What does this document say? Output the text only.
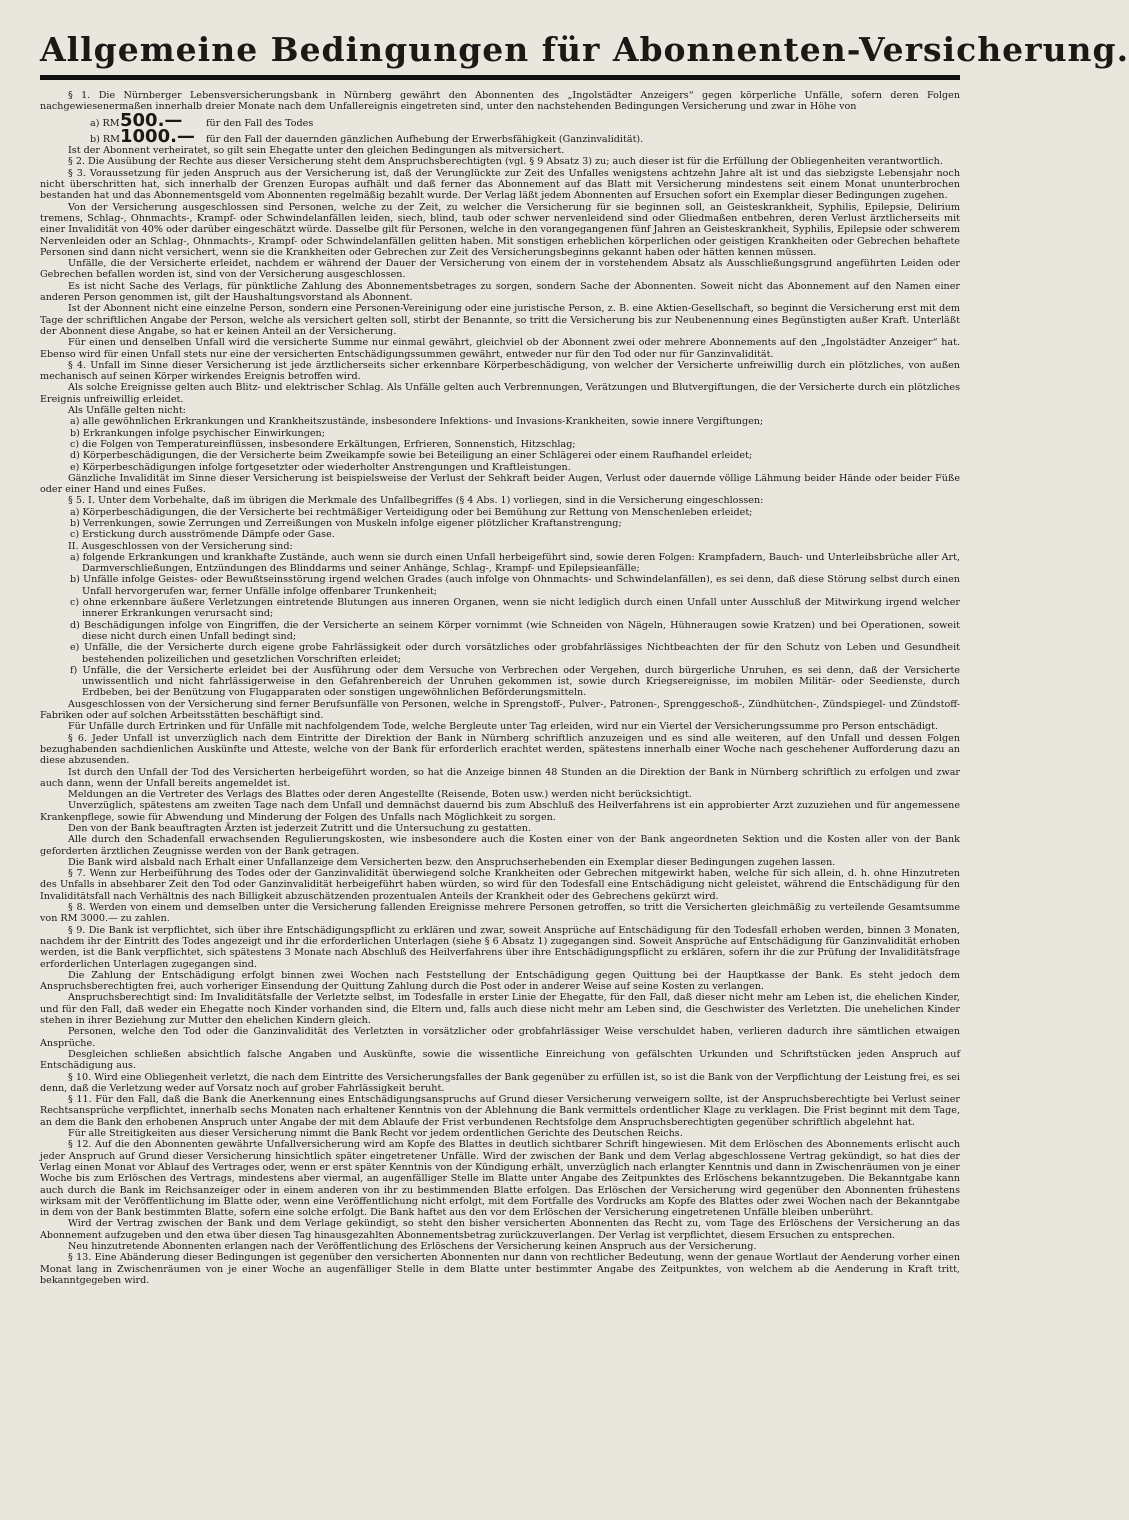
Allgemeine Bedingungen für Abonnenten-Versicherung.

§ 1. Die Nürnberger Lebensversicherungsbank in Nürnberg gewährt den Abonnenten des „Ingolstädter Anzeigers“ gegen körperliche Unfälle, sofern deren Folgen nachgewiesenermaßen innerhalb dreier Monate nach dem Unfallereignis eingetreten sind, unter den nachstehenden Bedingungen Versicherung und zwar in Höhe von

a) RM 500.—	für den Fall des Todes
b) RM 1000.—	für den Fall der dauernden gänzlichen Aufhebung der Erwerbsfähigkeit (Ganzinvalidität).

Ist der Abonnent verheiratet, so gilt sein Ehegatte unter den gleichen Bedingungen als mitversichert.

§ 2. Die Ausübung der Rechte aus dieser Versicherung steht dem Anspruchsberechtigten (vgl. § 9 Absatz 3) zu; auch dieser ist für die Erfüllung der Obliegenheiten verantwortlich.

§ 3. Voraussetzung für jeden Anspruch aus der Versicherung ist, daß der Verunglückte zur Zeit des Unfalles wenigstens achtzehn Jahre alt ist und das siebzigste Lebensjahr noch nicht überschritten hat, sich innerhalb der Grenzen Europas aufhält und daß ferner das Abonnement auf das Blatt mit Versicherung mindestens seit einem Monat ununterbrochen bestanden hat und das Abonnementsgeld vom Abonnenten regelmäßig bezahlt wurde. Der Verlag läßt jedem Abonnenten auf Ersuchen sofort ein Exemplar dieser Bedingungen zugehen.

Von der Versicherung ausgeschlossen sind Personen, welche zu der Zeit, zu welcher die Versicherung für sie beginnen soll, an Geisteskrankheit, Syphilis, Epilepsie, Delirium tremens, Schlag-, Ohnmachts-, Krampf- oder Schwindelanfällen leiden, siech, blind, taub oder schwer nervenleidend sind oder Gliedmaßen entbehren, deren Verlust ärztlicherseits mit einer Invalidität von 40% oder darüber eingeschätzt würde. Dasselbe gilt für Personen, welche in den vorangegangenen fünf Jahren an Geisteskrankheit, Syphilis, Epilepsie oder schwerem Nervenleiden oder an Schlag-, Ohnmachts-, Krampf- oder Schwindelanfällen gelitten haben. Mit sonstigen erheblichen körperlichen oder geistigen Krankheiten oder Gebrechen behaftete Personen sind dann nicht versichert, wenn sie die Krankheiten oder Gebrechen zur Zeit des Versicherungsbeginns gekannt haben oder hätten kennen müssen.

Unfälle, die der Versicherte erleidet, nachdem er während der Dauer der Versicherung von einem der in vorstehendem Absatz als Ausschließungsgrund angeführten Leiden oder Gebrechen befallen worden ist, sind von der Versicherung ausgeschlossen.

Es ist nicht Sache des Verlags, für pünktliche Zahlung des Abonnementsbetrages zu sorgen, sondern Sache der Abonnenten. Soweit nicht das Abonnement auf den Namen einer anderen Person genommen ist, gilt der Haushaltungsvorstand als Abonnent.

Ist der Abonnent nicht eine einzelne Person, sondern eine Personen-Vereinigung oder eine juristische Person, z. B. eine Aktien-Gesellschaft, so beginnt die Versicherung erst mit dem Tage der schriftlichen Angabe der Person, welche als versichert gelten soll, stirbt der Benannte, so tritt die Versicherung bis zur Neubenennung eines Begünstigten außer Kraft. Unterläßt der Abonnent diese Angabe, so hat er keinen Anteil an der Versicherung.

Für einen und denselben Unfall wird die versicherte Summe nur einmal gewährt, gleichviel ob der Abonnent zwei oder mehrere Abonnements auf den „Ingolstädter Anzeiger“ hat. Ebenso wird für einen Unfall stets nur eine der versicherten Entschädigungssummen gewährt, entweder nur für den Tod oder nur für Ganzinvalidität.

§ 4. Unfall im Sinne dieser Versicherung ist jede ärztlicherseits sicher erkennbare Körperbeschädigung, von welcher der Versicherte unfreiwillig durch ein plötzliches, von außen mechanisch auf seinen Körper wirkendes Ereignis betroffen wird.

Als solche Ereignisse gelten auch Blitz- und elektrischer Schlag. Als Unfälle gelten auch Verbrennungen, Verätzungen und Blutvergiftungen, die der Versicherte durch ein plötzliches Ereignis unfreiwillig erleidet.

Als Unfälle gelten nicht:

a) alle gewöhnlichen Erkrankungen und Krankheitszustände, insbesondere Infektions- und Invasions-Krankheiten, sowie innere Vergiftungen;

b) Erkrankungen infolge psychischer Einwirkungen;

c) die Folgen von Temperatureinflüssen, insbesondere Erkältungen, Erfrieren, Sonnenstich, Hitzschlag;

d) Körperbeschädigungen, die der Versicherte beim Zweikampfe sowie bei Beteiligung an einer Schlägerei oder einem Raufhandel erleidet;

e) Körperbeschädigungen infolge fortgesetzter oder wiederholter Anstrengungen und Kraftleistungen.

Gänzliche Invalidität im Sinne dieser Versicherung ist beispielsweise der Verlust der Sehkraft beider Augen, Verlust oder dauernde völlige Lähmung beider Hände oder beider Füße oder einer Hand und eines Fußes.

§ 5. I. Unter dem Vorbehalte, daß im übrigen die Merkmale des Unfallbegriffes (§ 4 Abs. 1) vorliegen, sind in die Versicherung eingeschlossen:

a) Körperbeschädigungen, die der Versicherte bei rechtmäßiger Verteidigung oder bei Bemühung zur Rettung von Menschenleben erleidet;

b) Verrenkungen, sowie Zerrungen und Zerreißungen von Muskeln infolge eigener plötzlicher Kraftanstrengung;

c) Erstickung durch ausströmende Dämpfe oder Gase.

II. Ausgeschlossen von der Versicherung sind:

a) folgende Erkrankungen und krankhafte Zustände, auch wenn sie durch einen Unfall herbeigeführt sind, sowie deren Folgen: Krampfadern, Bauch- und Unterleibsbrüche aller Art, Darmverschließungen, Entzündungen des Blinddarms und seiner Anhänge, Schlag-, Krampf- und Epilepsieanfälle;

b) Unfälle infolge Geistes- oder Bewußtseinsstörung irgend welchen Grades (auch infolge von Ohnmachts- und Schwindelanfällen), es sei denn, daß diese Störung selbst durch einen Unfall hervorgerufen war, ferner Unfälle infolge offenbarer Trunkenheit;

c) ohne erkennbare äußere Verletzungen eintretende Blutungen aus inneren Organen, wenn sie nicht lediglich durch einen Unfall unter Ausschluß der Mitwirkung irgend welcher innerer Erkrankungen verursacht sind;

d) Beschädigungen infolge von Eingriffen, die der Versicherte an seinem Körper vornimmt (wie Schneiden von Nägeln, Hühneraugen sowie Kratzen) und bei Operationen, soweit diese nicht durch einen Unfall bedingt sind;

e) Unfälle, die der Versicherte durch eigene grobe Fahrlässigkeit oder durch vorsätzliches oder grobfahrlässiges Nichtbeachten der für den Schutz von Leben und Gesundheit bestehenden polizeilichen und gesetzlichen Vorschriften erleidet;

f) Unfälle, die der Versicherte erleidet bei der Ausführung oder dem Versuche von Verbrechen oder Vergehen, durch bürgerliche Unruhen, es sei denn, daß der Versicherte unwissentlich und nicht fahrlässigerweise in den Gefahrenbereich der Unruhen gekommen ist, sowie durch Kriegsereignisse, im mobilen Militär- oder Seedienste, durch Erdbeben, bei der Benützung von Flugapparaten oder sonstigen ungewöhnlichen Beförderungsmitteln.

Ausgeschlossen von der Versicherung sind ferner Berufsunfälle von Personen, welche in Sprengstoff-, Pulver-, Patronen-, Sprenggeschoß-, Zündhütchen-, Zündspiegel- und Zündstoff-Fabriken oder auf solchen Arbeitsstätten beschäftigt sind.

Für Unfälle durch Ertrinken und für Unfälle mit nachfolgendem Tode, welche Bergleute unter Tag erleiden, wird nur ein Viertel der Versicherungssumme pro Person entschädigt.

§ 6. Jeder Unfall ist unverzüglich nach dem Eintritte der Direktion der Bank in Nürnberg schriftlich anzuzeigen und es sind alle weiteren, auf den Unfall und dessen Folgen bezughabenden sachdienlichen Auskünfte und Atteste, welche von der Bank für erforderlich erachtet werden, spätestens innerhalb einer Woche nach geschehener Aufforderung dazu an diese abzusenden.

Ist durch den Unfall der Tod des Versicherten herbeigeführt worden, so hat die Anzeige binnen 48 Stunden an die Direktion der Bank in Nürnberg schriftlich zu erfolgen und zwar auch dann, wenn der Unfall bereits angemeldet ist.

Meldungen an die Vertreter des Verlags des Blattes oder deren Angestellte (Reisende, Boten usw.) werden nicht berücksichtigt.

Unverzüglich, spätestens am zweiten Tage nach dem Unfall und demnächst dauernd bis zum Abschluß des Heilverfahrens ist ein approbierter Arzt zuzuziehen und für angemessene Krankenpflege, sowie für Abwendung und Minderung der Folgen des Unfalls nach Möglichkeit zu sorgen.

Den von der Bank beauftragten Ärzten ist jederzeit Zutritt und die Untersuchung zu gestatten.

Alle durch den Schadenfall erwachsenden Regulierungskosten, wie insbesondere auch die Kosten einer von der Bank angeordneten Sektion und die Kosten aller von der Bank geforderten ärztlichen Zeugnisse werden von der Bank getragen.

Die Bank wird alsbald nach Erhalt einer Unfallanzeige dem Versicherten bezw. den Anspruchserhebenden ein Exemplar dieser Bedingungen zugehen lassen.

§ 7. Wenn zur Herbeiführung des Todes oder der Ganzinvalidität überwiegend solche Krankheiten oder Gebrechen mitgewirkt haben, welche für sich allein, d. h. ohne Hinzutreten des Unfalls in absehbarer Zeit den Tod oder Ganzinvalidität herbeigeführt haben würden, so wird für den Todesfall eine Entschädigung nicht geleistet, während die Entschädigung für den Invaliditätsfall nach Verhältnis des nach Billigkeit abzuschätzenden prozentualen Anteils der Krankheit oder des Gebrechens gekürzt wird.

§ 8. Werden von einem und demselben unter die Versicherung fallenden Ereignisse mehrere Personen getroffen, so tritt die Versicherten gleichmäßig zu verteilende Gesamtsumme von RM 3000.— zu zahlen.

§ 9. Die Bank ist verpflichtet, sich über ihre Entschädigungspflicht zu erklären und zwar, soweit Ansprüche auf Entschädigung für den Todesfall erhoben werden, binnen 3 Monaten, nachdem ihr der Eintritt des Todes angezeigt und ihr die erforderlichen Unterlagen (siehe § 6 Absatz 1) zugegangen sind. Soweit Ansprüche auf Entschädigung für Ganzinvalidität erhoben werden, ist die Bank verpflichtet, sich spätestens 3 Monate nach Abschluß des Heilverfahrens über ihre Entschädigungspflicht zu erklären, sofern ihr die zur Prüfung der Invaliditätsfrage erforderlichen Unterlagen zugegangen sind.

Die Zahlung der Entschädigung erfolgt binnen zwei Wochen nach Feststellung der Entschädigung gegen Quittung bei der Hauptkasse der Bank. Es steht jedoch dem Anspruchsberechtigten frei, auch vorheriger Einsendung der Quittung Zahlung durch die Post oder in anderer Weise auf seine Kosten zu verlangen.

Anspruchsberechtigt sind: Im Invaliditätsfalle der Verletzte selbst, im Todesfalle in erster Linie der Ehegatte, für den Fall, daß dieser nicht mehr am Leben ist, die ehelichen Kinder, und für den Fall, daß weder ein Ehegatte noch Kinder vorhanden sind, die Eltern und, falls auch diese nicht mehr am Leben sind, die Geschwister des Verletzten. Die unehelichen Kinder stehen in ihrer Beziehung zur Mutter den ehelichen Kindern gleich.

Personen, welche den Tod oder die Ganzinvalidität des Verletzten in vorsätzlicher oder grobfahrlässiger Weise verschuldet haben, verlieren dadurch ihre sämtlichen etwaigen Ansprüche.

Desgleichen schließen absichtlich falsche Angaben und Auskünfte, sowie die wissentliche Einreichung von gefälschten Urkunden und Schriftstücken jeden Anspruch auf Entschädigung aus.

§ 10. Wird eine Obliegenheit verletzt, die nach dem Eintritte des Versicherungsfalles der Bank gegenüber zu erfüllen ist, so ist die Bank von der Verpflichtung der Leistung frei, es sei denn, daß die Verletzung weder auf Vorsatz noch auf grober Fahrlässigkeit beruht.

§ 11. Für den Fall, daß die Bank die Anerkennung eines Entschädigungsanspruchs auf Grund dieser Versicherung verweigern sollte, ist der Anspruchsberechtigte bei Verlust seiner Rechtsansprüche verpflichtet, innerhalb sechs Monaten nach erhaltener Kenntnis von der Ablehnung die Bank vermittels ordentlicher Klage zu verklagen. Die Frist beginnt mit dem Tage, an dem die Bank den erhobenen Anspruch unter Angabe der mit dem Ablaufe der Frist verbundenen Rechtsfolge dem Anspruchsberechtigten gegenüber schriftlich abgelehnt hat.

Für alle Streitigkeiten aus dieser Versicherung nimmt die Bank Recht vor jedem ordentlichen Gerichte des Deutschen Reichs.

§ 12. Auf die den Abonnenten gewährte Unfallversicherung wird am Kopfe des Blattes in deutlich sichtbarer Schrift hingewiesen. Mit dem Erlöschen des Abonnements erlischt auch jeder Anspruch auf Grund dieser Versicherung hinsichtlich später eingetretener Unfälle. Wird der zwischen der Bank und dem Verlag abgeschlossene Vertrag gekündigt, so hat dies der Verlag einen Monat vor Ablauf des Vertrages oder, wenn er erst später Kenntnis von der Kündigung erhält, unverzüglich nach erlangter Kenntnis und dann in Zwischenräumen von je einer Woche bis zum Erlöschen des Vertrags, mindestens aber viermal, an augenfälliger Stelle im Blatte unter Angabe des Zeitpunktes des Erlöschens bekanntzugeben. Die Bekanntgabe kann auch durch die Bank im Reichsanzeiger oder in einem anderen von ihr zu bestimmenden Blatte erfolgen. Das Erlöschen der Versicherung wird gegenüber den Abonnenten frühestens wirksam mit der Veröffentlichung im Blatte oder, wenn eine Veröffentlichung nicht erfolgt, mit dem Fortfalle des Vordrucks am Kopfe des Blattes oder zwei Wochen nach der Bekanntgabe in dem von der Bank bestimmten Blatte, sofern eine solche erfolgt. Die Bank haftet aus den vor dem Erlöschen der Versicherung eingetretenen Unfälle bleiben unberührt.

Wird der Vertrag zwischen der Bank und dem Verlage gekündigt, so steht den bisher versicherten Abonnenten das Recht zu, vom Tage des Erlöschens der Versicherung an das Abonnement aufzugeben und den etwa über diesen Tag hinausgezahlten Abonnementsbetrag zurückzuverlangen. Der Verlag ist verpflichtet, diesem Ersuchen zu entsprechen.

Neu hinzutretende Abonnenten erlangen nach der Veröffentlichung des Erlöschens der Versicherung keinen Anspruch aus der Versicherung.

§ 13. Eine Abänderung dieser Bedingungen ist gegenüber den versicherten Abonnenten nur dann von rechtlicher Bedeutung, wenn der genaue Wortlaut der Aenderung vorher einen Monat lang in Zwischenräumen von je einer Woche an augenfälliger Stelle in dem Blatte unter bestimmter Angabe des Zeitpunktes, von welchem ab die Aenderung in Kraft tritt, bekanntgegeben wird.
